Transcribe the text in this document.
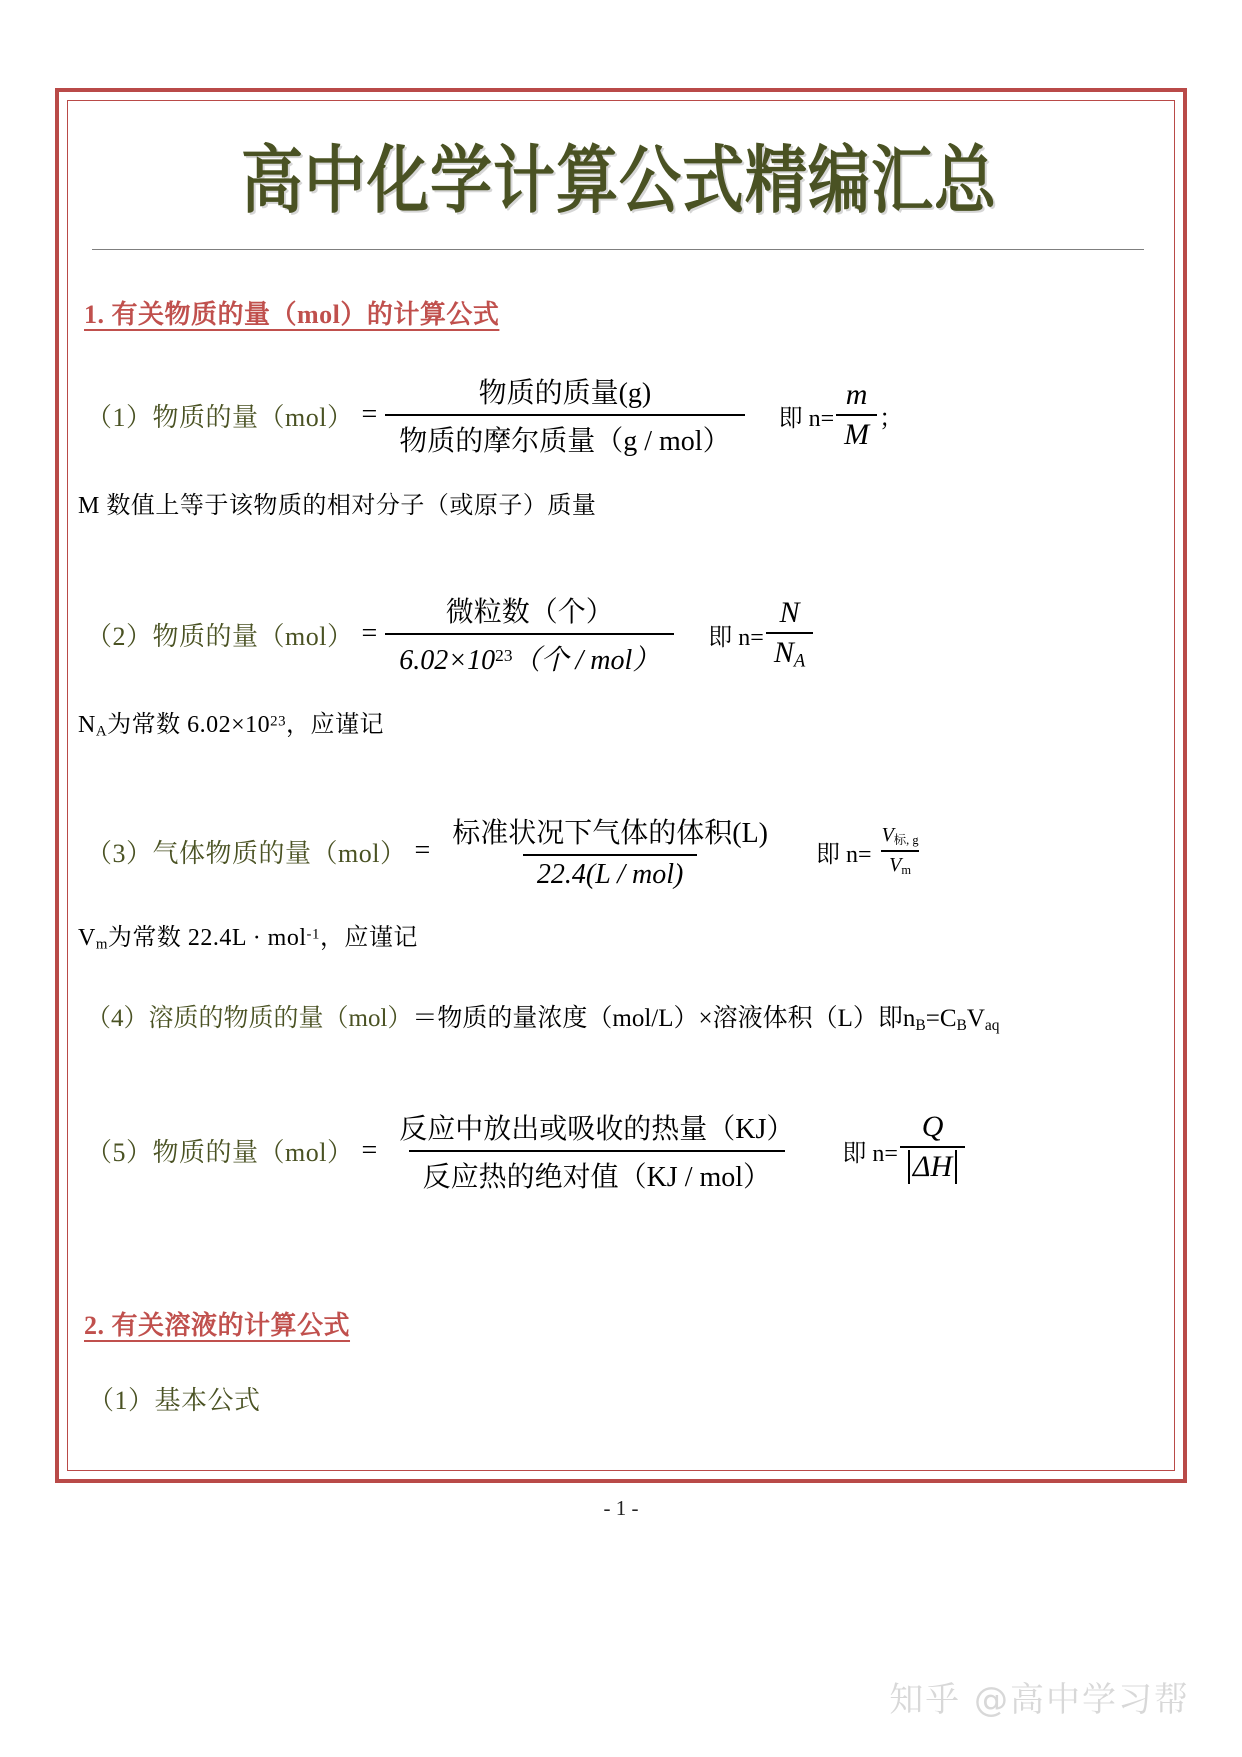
高中化学计算公式精编汇总
1. 有关物质的量（mol）的计算公式
（1）物质的量$(mol) = \frac{\text{物质的质量(g)}}{\text{物质的摩尔质量（g / mol）}}$ 即 $n= \frac{m}{M}$ ；
M 数值上等于该物质的相对分子（或原子）质量
（2）物质的量$(mol) = \frac{\text{微粒数（个）}}{6.02\times 10^{23}(个 / mol)}$ 即 $n= \frac{N}{N_A}$
$N_A$为常数 $6.02\times 10^{23}$，应谨记
（3）气体物质的量$(mol) = \frac{\text{标准状况下气体的体积(L)}}{\text{22.4(L / mol)}}$ 即 $n= \frac{V_{标, g}}{V_m}$
$V_m$为常数 22.4L · mol$^{-1}$，应谨记
（4）溶质的物质的量（mol） ＝物质的量浓度（mol/L）×溶液体积（L）即 $n_B=C_BV_{aq}$
（5）物质的量$(mol) = \frac{\text{反应中放出或吸收的热量（KJ）}}{\text{反应热的绝对值（KJ / mol）}}$ 即 $n= \frac{Q}{\Delta H}$
2. 有关溶液的计算公式
（1）基本公式
- 1 -
知乎 @高中学习帮
